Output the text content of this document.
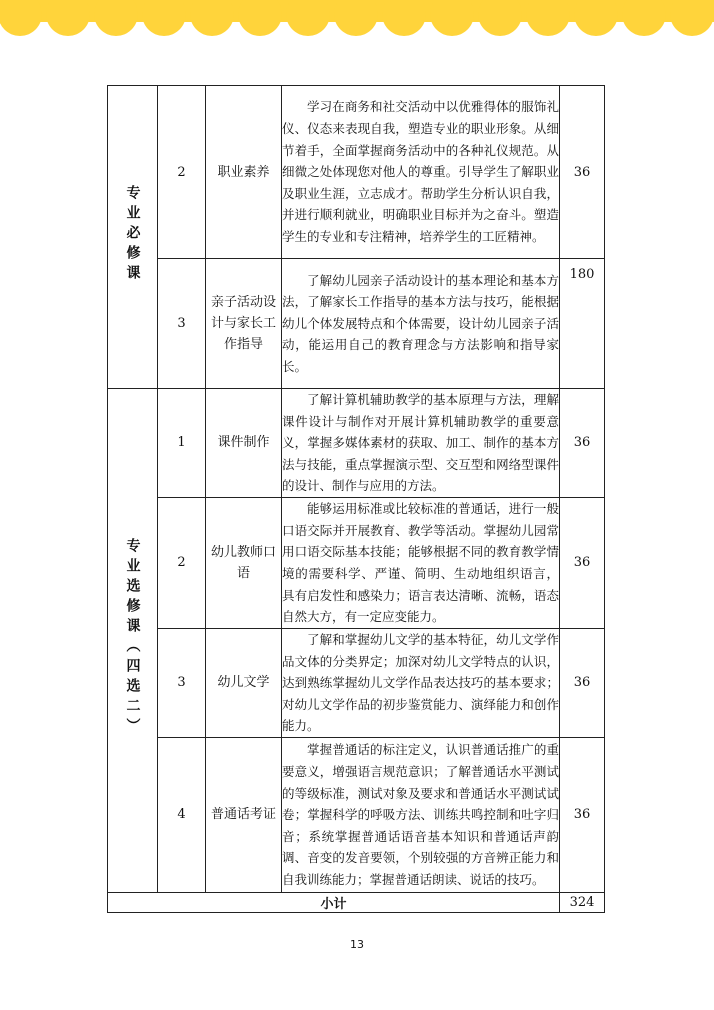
专业必修课	2	职业素养	学习在商务和社交活动中以优雅得体的服饰礼仪、仪态来表现自我，塑造专业的职业形象。从细节着手，全面掌握商务活动中的各种礼仪规范。从细微之处体现您对他人的尊重。引导学生了解职业及职业生涯，立志成才。帮助学生分析认识自我，并进行顺利就业，明确职业目标并为之奋斗。塑造学生的专业和专注精神，培养学生的工匠精神。	36
	3	亲子活动设计与家长工作指导	了解幼儿园亲子活动设计的基本理论和基本方法，了解家长工作指导的基本方法与技巧，能根据幼儿个体发展特点和个体需要，设计幼儿园亲子活动，能运用自己的教育理念与方法影响和指导家长。	180
专业选修课（四选二）	1	课件制作	了解计算机辅助教学的基本原理与方法，理解课件设计与制作对开展计算机辅助教学的重要意义，掌握多媒体素材的获取、加工、制作的基本方法与技能，重点掌握演示型、交互型和网络型课件的设计、制作与应用的方法。	36
	2	幼儿教师口语	能够运用标准或比较标准的普通话，进行一般口语交际并开展教育、教学等活动。掌握幼儿园常用口语交际基本技能；能够根据不同的教育教学情境的需要科学、严谨、简明、生动地组织语言， 具有启发性和感染力；语言表达清晰、流畅，语态自然大方，有一定应变能力。	36
	3	幼儿文学	了解和掌握幼儿文学的基本特征，幼儿文学作品文体的分类界定；加深对幼儿文学特点的认识，达到熟练掌握幼儿文学作品表达技巧的基本要求；对幼儿文学作品的初步鉴赏能力、演绎能力和创作能力。	36
	4	普通话考证	掌握普通话的标注定义，认识普通话推广的重要意义，增强语言规范意识；了解普通话水平测试的等级标准，测试对象及要求和普通话水平测试试卷；掌握科学的呼吸方法、训练共鸣控制和吐字归音；系统掌握普通话语音基本知识和普通话声韵调、音变的发音要领，个别较强的方音辨正能力和自我训练能力；掌握普通话朗读、说话的技巧。	36
小计				324
13
